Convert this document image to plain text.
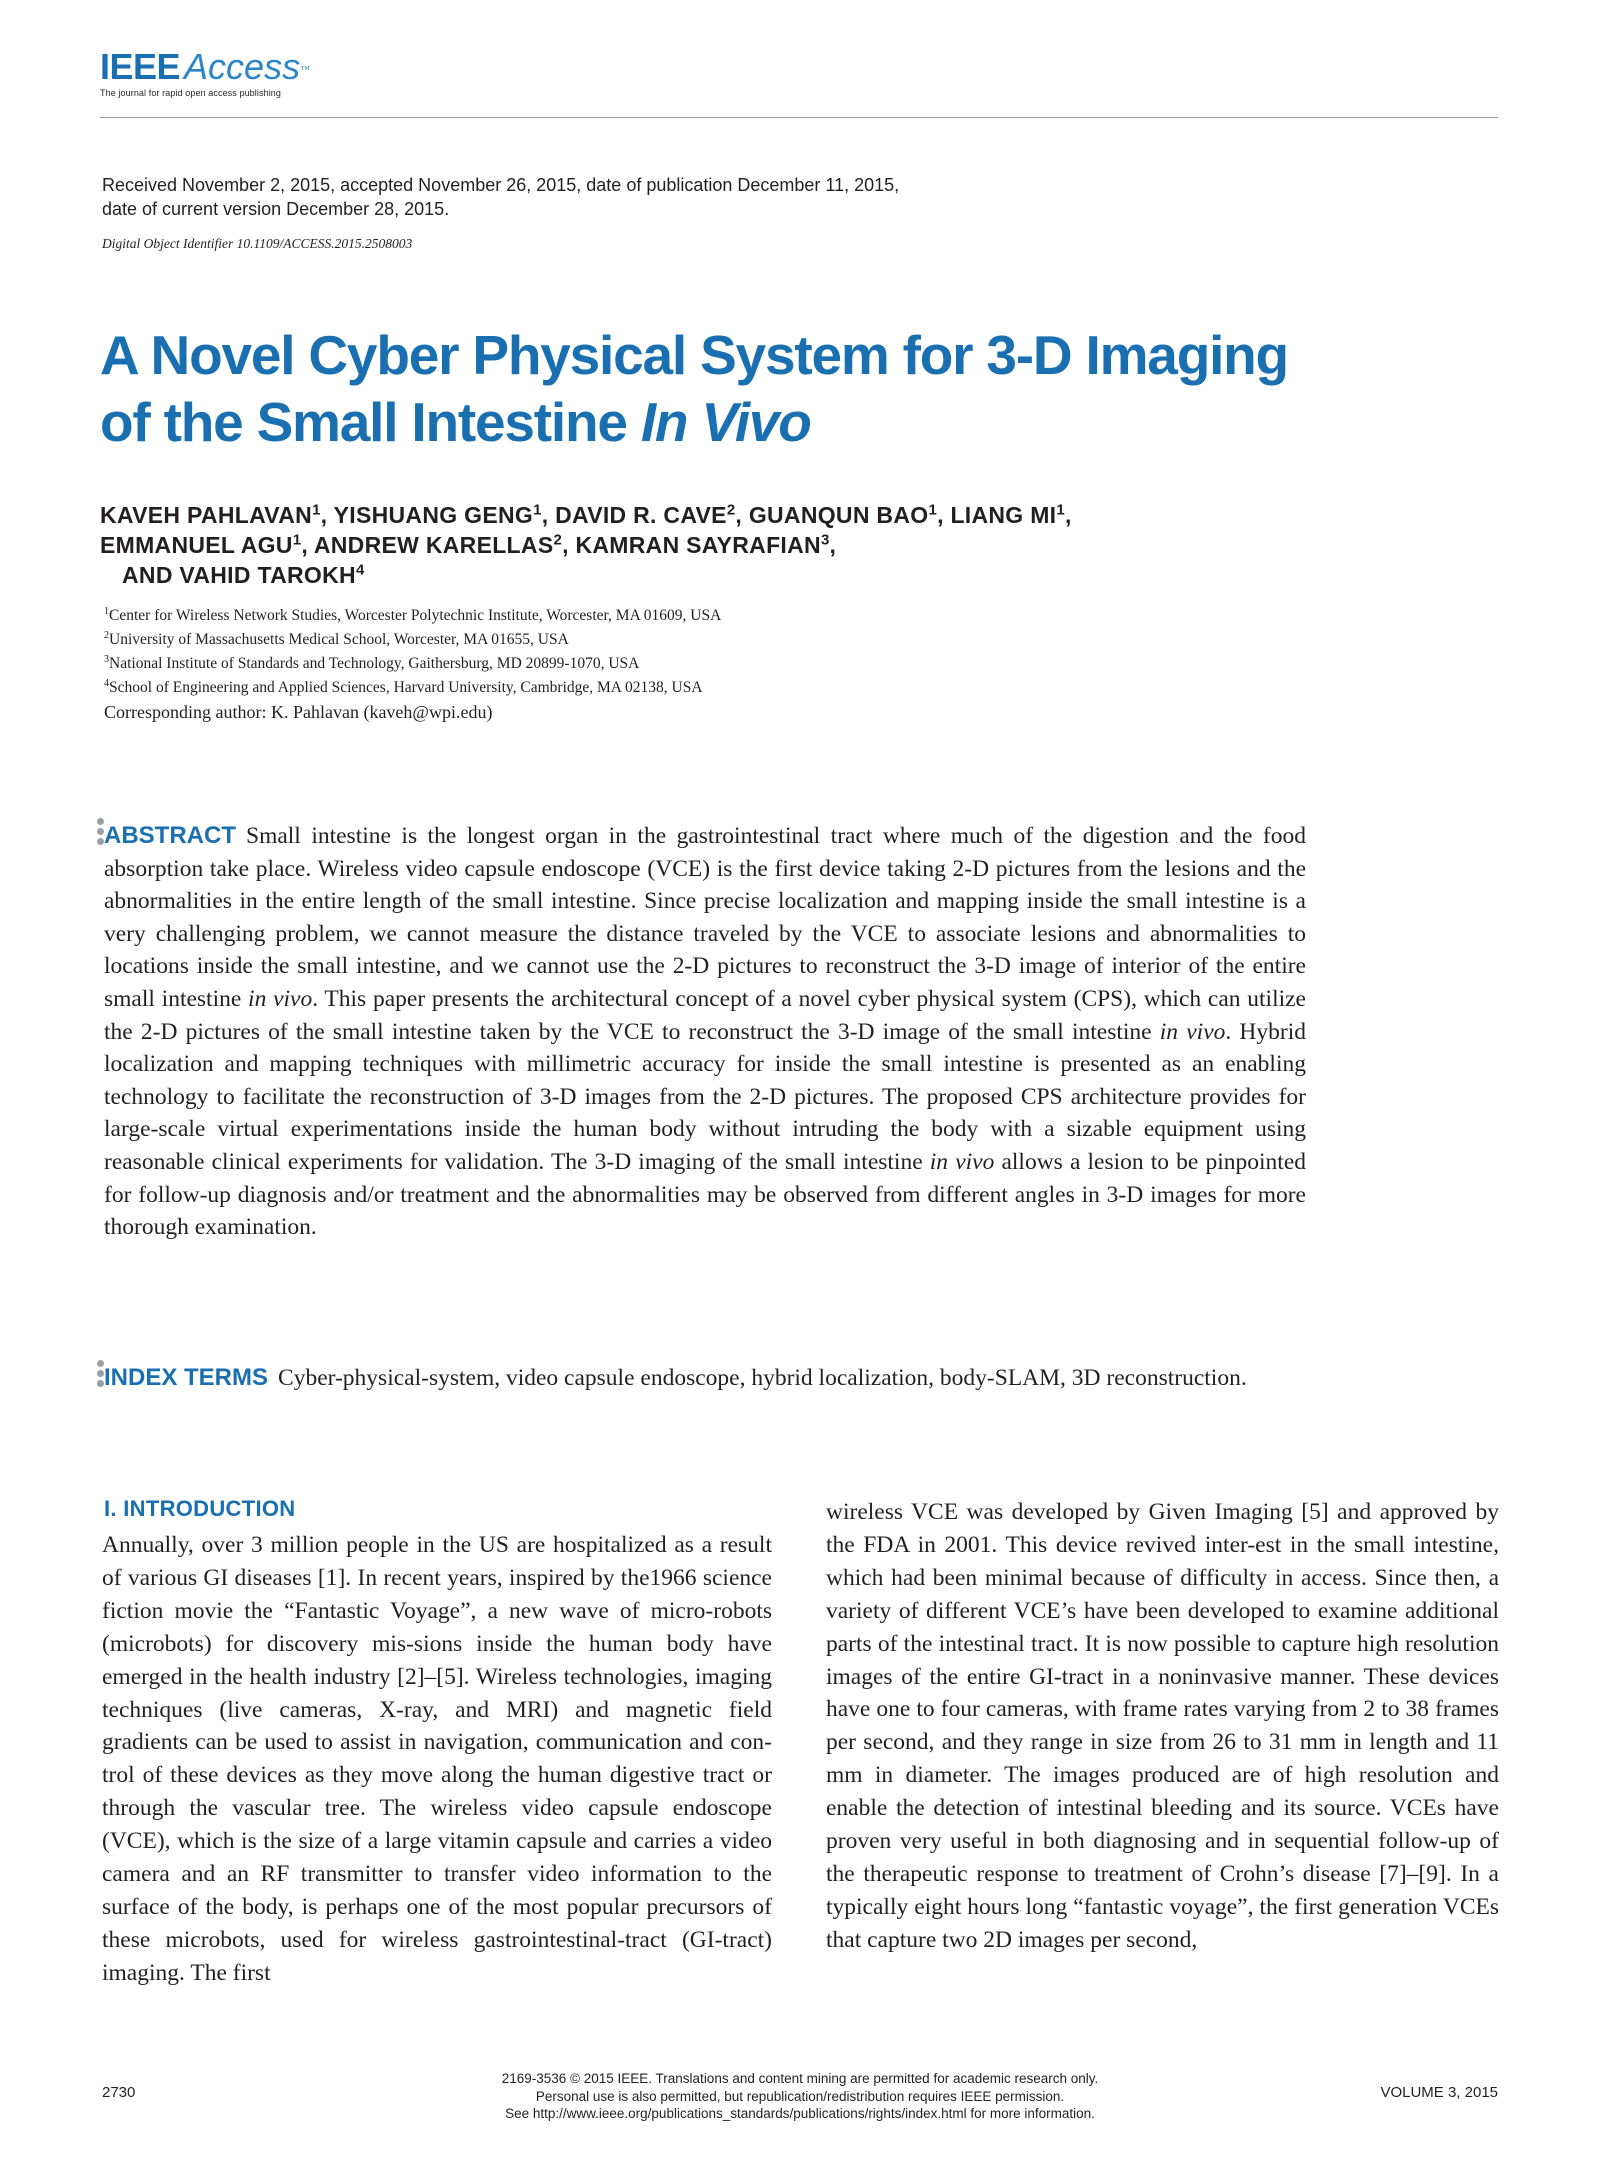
IEEE Access™
The journal for rapid open access publishing
Received November 2, 2015, accepted November 26, 2015, date of publication December 11, 2015,
date of current version December 28, 2015.
Digital Object Identifier 10.1109/ACCESS.2015.2508003
A Novel Cyber Physical System for 3-D Imaging
of the Small Intestine In Vivo
KAVEH PAHLAVAN$^1$, YISHUANG GENG$^1$, DAVID R. CAVE$^2$, GUANQUN BAO$^1$, LIANG $MI^1$,
EMMANUEL AGU$^1$, ANDREW KARELLAS$^2$, KAMRAN SAYRAFIAN$^3$,
AND VAHID TAROKH$^4$
$^1$Center for Wireless Network Studies, Worcester Polytechnic Institute, Worcester, MA 01609, USA
$^2$University of Massachusetts Medical School, Worcester, MA 01655, USA
$^3$National Institute of Standards and Technology, Gaithersburg, MD 20899-1070, USA
$^4$School of Engineering and Applied Sciences, Harvard University, Cambridge, MA 02138, USA
Corresponding author: K. Pahlavan (kaveh@wpi.edu)
ABSTRACT Small intestine is the longest organ in the gastrointestinal tract where much of the digestion and the food absorption take place. Wireless video capsule endoscope (VCE) is the first device taking 2-D pictures from the lesions and the abnormalities in the entire length of the small intestine. Since precise localization and mapping inside the small intestine is a very challenging problem, we cannot measure the distance traveled by the VCE to associate lesions and abnormalities to locations inside the small intestine, and we cannot use the 2-D pictures to reconstruct the 3-D image of interior of the entire small intestine in vivo. This paper presents the architectural concept of a novel cyber physical system (CPS), which can utilize the 2-D pictures of the small intestine taken by the VCE to reconstruct the 3-D image of the small intestine in vivo. Hybrid localization and mapping techniques with millimetric accuracy for inside the small intestine is presented as an enabling technology to facilitate the reconstruction of 3-D images from the 2-D pictures. The proposed CPS architecture provides for large-scale virtual experimentations inside the human body without intruding the body with a sizable equipment using reasonable clinical experiments for validation. The 3-D imaging of the small intestine in vivo allows a lesion to be pinpointed for follow-up diagnosis and/or treatment and the abnormalities may be observed from different angles in 3-D images for more thorough examination.
INDEX TERMS Cyber-physical-system, video capsule endoscope, hybrid localization, body-SLAM, 3D reconstruction.
I. INTRODUCTION
Annually, over 3 million people in the US are hospitalized as a result of various GI diseases [1]. In recent years, inspired by the1966 science fiction movie the “Fantastic Voyage”, a new wave of micro-robots (microbots) for discovery mis-sions inside the human body have emerged in the health industry [2]–[5]. Wireless technologies, imaging techniques (live cameras, X-ray, and MRI) and magnetic field gradients can be used to assist in navigation, communication and con-trol of these devices as they move along the human digestive tract or through the vascular tree. The wireless video capsule endoscope (VCE), which is the size of a large vitamin capsule and carries a video camera and an RF transmitter to transfer video information to the surface of the body, is perhaps one of the most popular precursors of these microbots, used for wireless gastrointestinal-tract (GI-tract) imaging. The first
wireless VCE was developed by Given Imaging [5] and approved by the FDA in 2001. This device revived inter-est in the small intestine, which had been minimal because of difficulty in access. Since then, a variety of different VCE’s have been developed to examine additional parts of the intestinal tract. It is now possible to capture high resolution images of the entire GI-tract in a noninvasive manner. These devices have one to four cameras, with frame rates varying from 2 to 38 frames per second, and they range in size from 26 to 31 mm in length and 11 mm in diameter. The images produced are of high resolution and enable the detection of intestinal bleeding and its source. VCEs have proven very useful in both diagnosing and in sequential follow-up of the therapeutic response to treatment of Crohn’s disease [7]–[9]. In a typically eight hours long “fantastic voyage”, the first generation VCEs that capture two 2D images per second,
2730
2169-3536 © 2015 IEEE. Translations and content mining are permitted for academic research only.
Personal use is also permitted, but republication/redistribution requires IEEE permission.
See http://www.ieee.org/publications_standards/publications/rights/index.html for more information.
VOLUME 3, 2015
